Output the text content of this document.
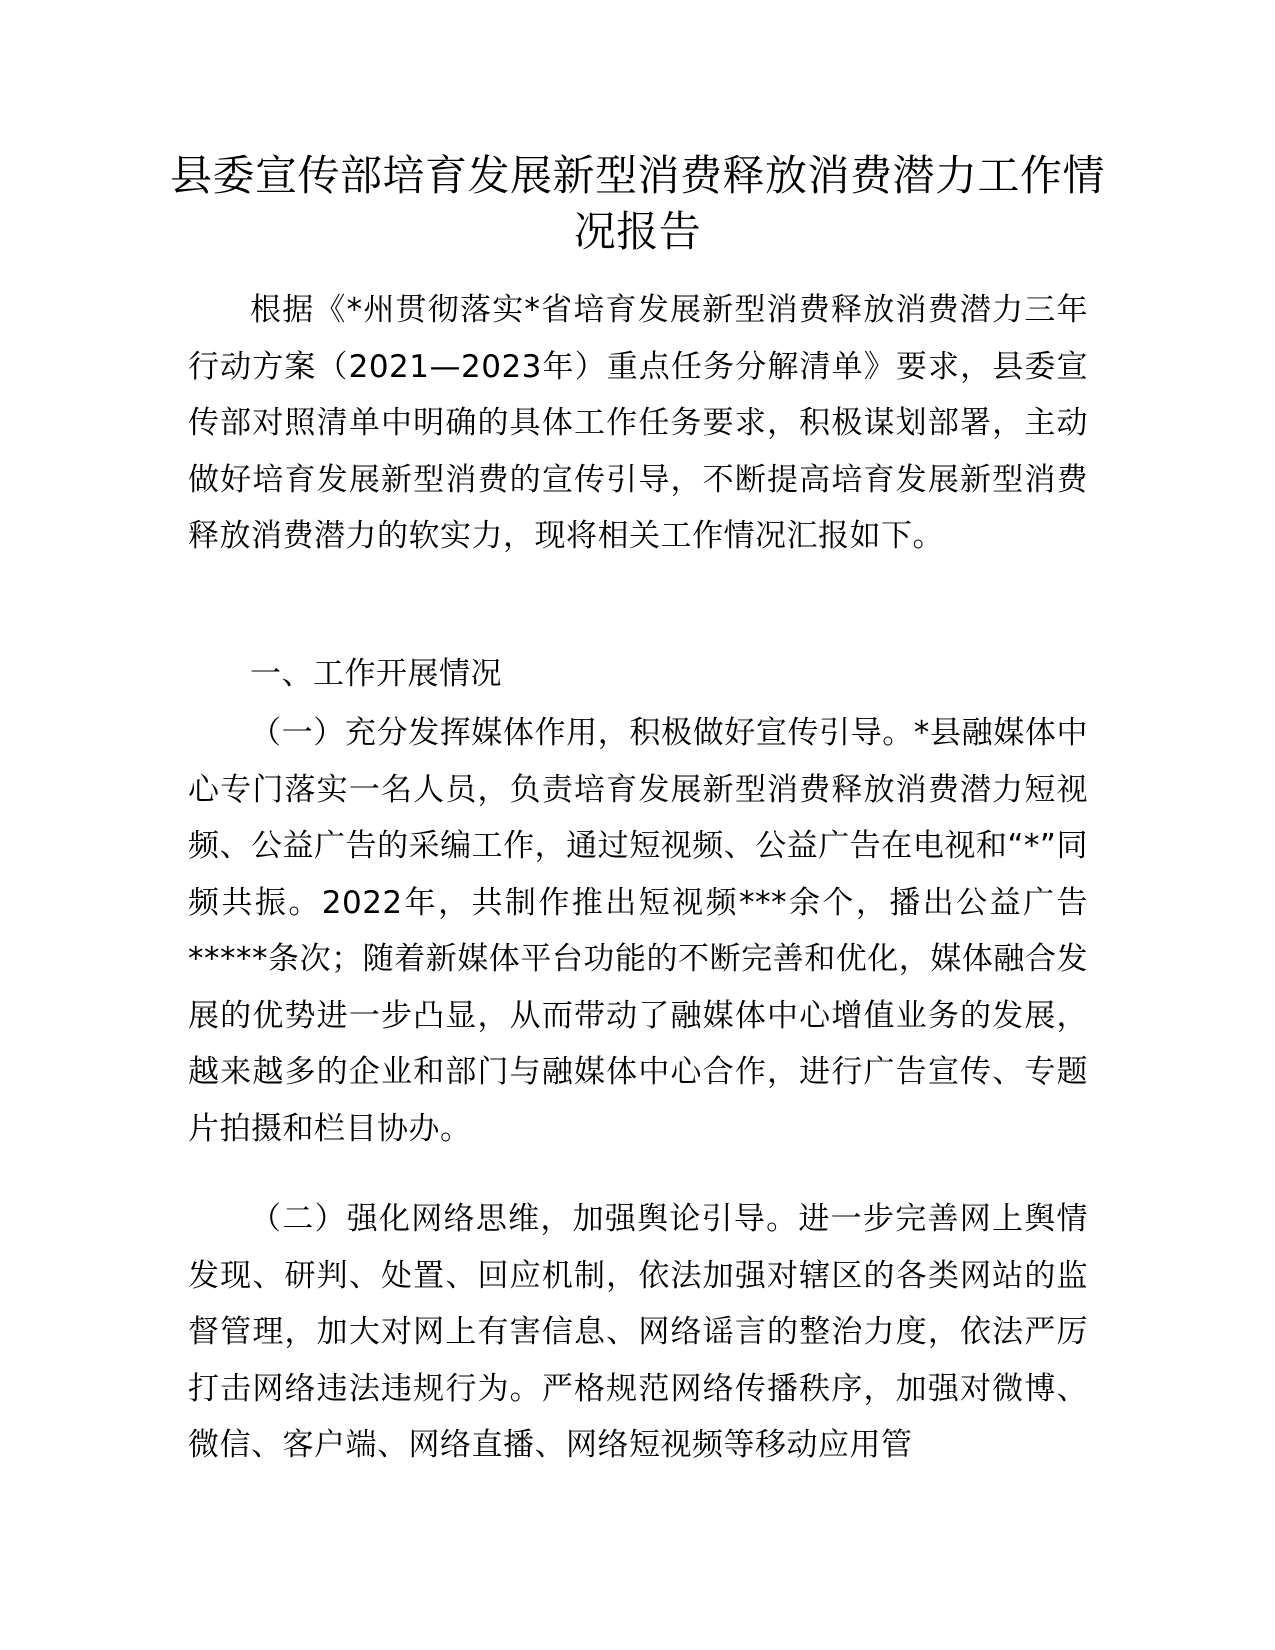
县委宣传部培育发展新型消费释放消费潜力工作情况报告

根据《*州贯彻落实*省培育发展新型消费释放消费潜力三年行动方案（2021—2023年）重点任务分解清单》要求，县委宣传部对照清单中明确的具体工作任务要求，积极谋划部署，主动做好培育发展新型消费的宣传引导，不断提高培育发展新型消费释放消费潜力的软实力，现将相关工作情况汇报如下。

一、工作开展情况

（一）充分发挥媒体作用，积极做好宣传引导。*县融媒体中心专门落实一名人员，负责培育发展新型消费释放消费潜力短视频、公益广告的采编工作，通过短视频、公益广告在电视和“*”同频共振。2022年，共制作推出短视频***余个，播出公益广告*****条次；随着新媒体平台功能的不断完善和优化，媒体融合发展的优势进一步凸显，从而带动了融媒体中心增值业务的发展，越来越多的企业和部门与融媒体中心合作，进行广告宣传、专题片拍摄和栏目协办。

（二）强化网络思维，加强舆论引导。进一步完善网上舆情发现、研判、处置、回应机制，依法加强对辖区的各类网站的监督管理，加大对网上有害信息、网络谣言的整治力度，依法严厉打击网络违法违规行为。严格规范网络传播秩序，加强对微博、微信、客户端、网络直播、网络短视频等移动应用管
